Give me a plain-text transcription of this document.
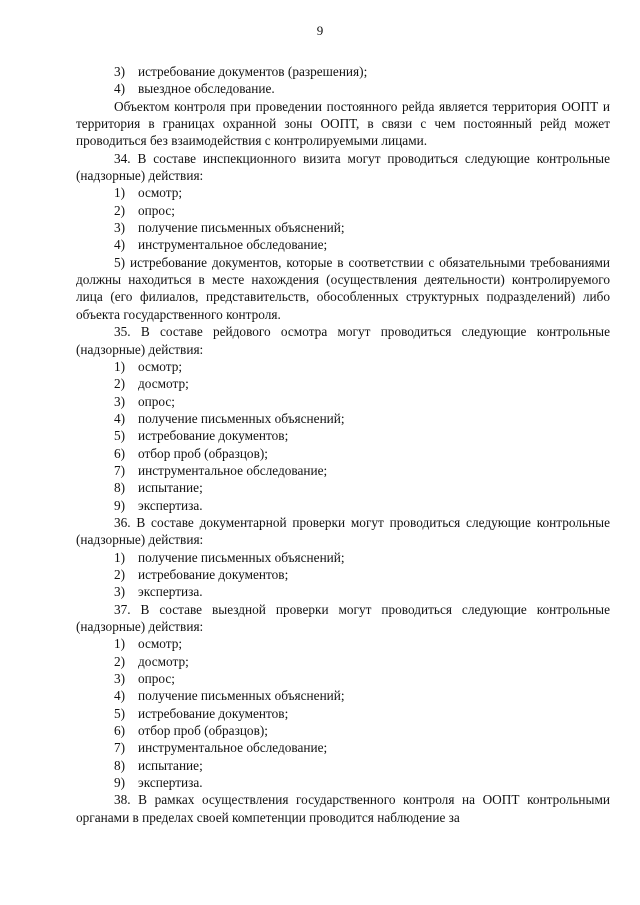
9
3) истребование документов (разрешения);
4) выездное обследование.

Объектом контроля при проведении постоянного рейда является территория ООПТ и территория в границах охранной зоны ООПТ, в связи с чем постоянный рейд может проводиться без взаимодействия с контролируемыми лицами.

34. В составе инспекционного визита могут проводиться следующие контрольные (надзорные) действия:

1) осмотр;
2) опрос;
3) получение письменных объяснений;
4) инструментальное обследование;

5) истребование документов, которые в соответствии с обязательными требованиями должны находиться в месте нахождения (осуществления деятельности) контролируемого лица (его филиалов, представительств, обособленных структурных подразделений) либо объекта государственного контроля.

35. В составе рейдового осмотра могут проводиться следующие контрольные (надзорные) действия:

1) осмотр;
2) досмотр;
3) опрос;
4) получение письменных объяснений;
5) истребование документов;
6) отбор проб (образцов);
7) инструментальное обследование;
8) испытание;
9) экспертиза.

36. В составе документарной проверки могут проводиться следующие контрольные (надзорные) действия:

1) получение письменных объяснений;
2) истребование документов;
3) экспертиза.

37. В составе выездной проверки могут проводиться следующие контрольные (надзорные) действия:

1) осмотр;
2) досмотр;
3) опрос;
4) получение письменных объяснений;
5) истребование документов;
6) отбор проб (образцов);
7) инструментальное обследование;
8) испытание;
9) экспертиза.

38. В рамках осуществления государственного контроля на ООПТ контрольными органами в пределах своей компетенции проводится наблюдение за
